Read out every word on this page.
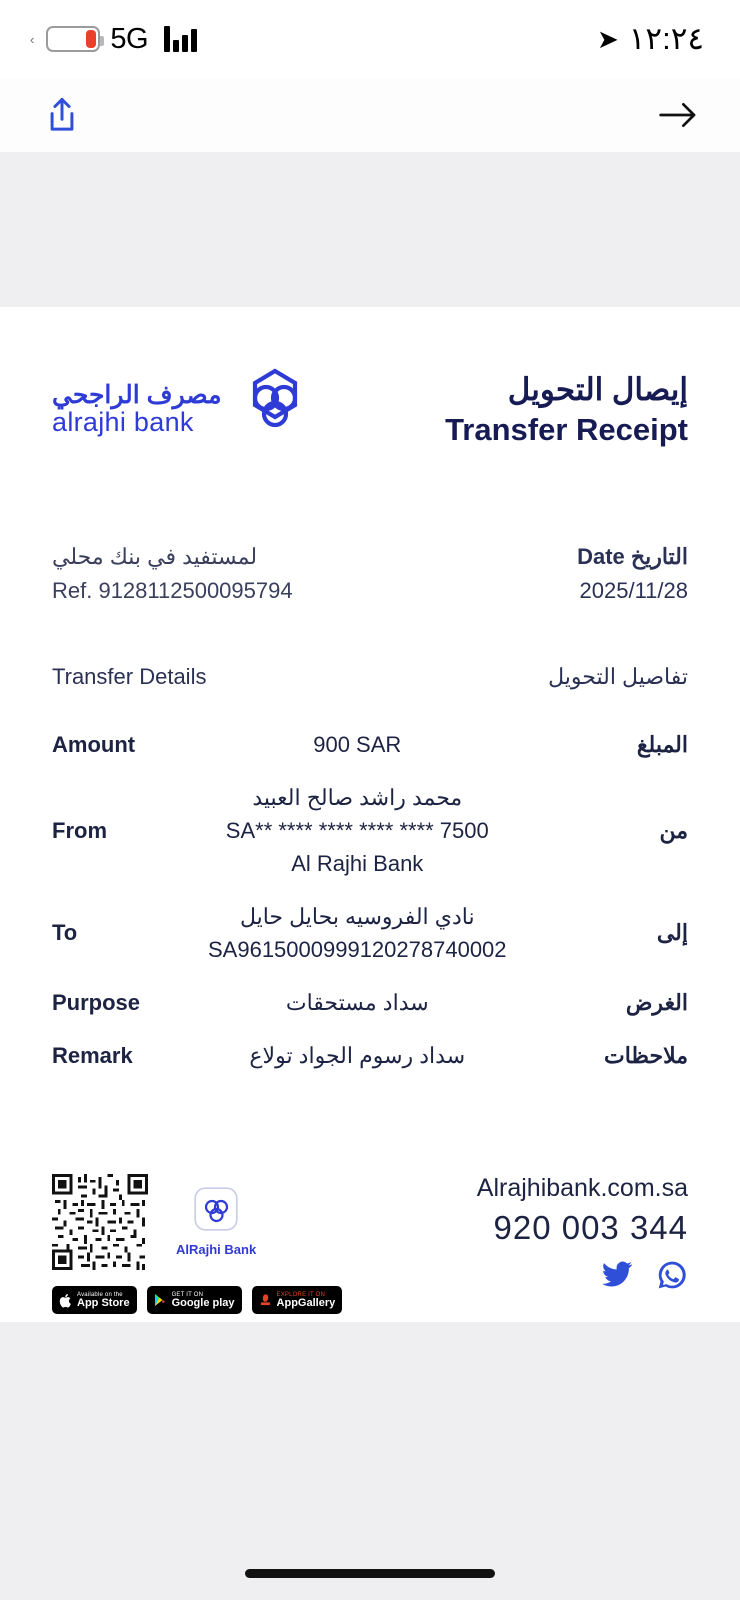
‹	5G	➤ ١٢:٢٤
مصرف الراجحي
alrajhi bank
إيصال التحويل
Transfer Receipt
لمستفيد في بنك محلي
Ref. 9128112500095794
Date التاريخ
2025/11/28
Transfer Details	تفاصيل التحويل
Amount	900 SAR	المبلغ
From	محمد راشد صالح العبيد
SA** **** **** **** **** 7500
Al Rajhi Bank	من
To	نادي الفروسيه بحايل حايل
SA9615000999120278740002	إلى
Purpose	سداد مستحقات	الغرض
Remark	سداد رسوم الجواد تولاع	ملاحظات
AlRajhi Bank
Available on the
App Store
GET IT ON
Google play
EXPLORE IT ON
AppGallery
Alrajhibank.com.sa
920 003 344
